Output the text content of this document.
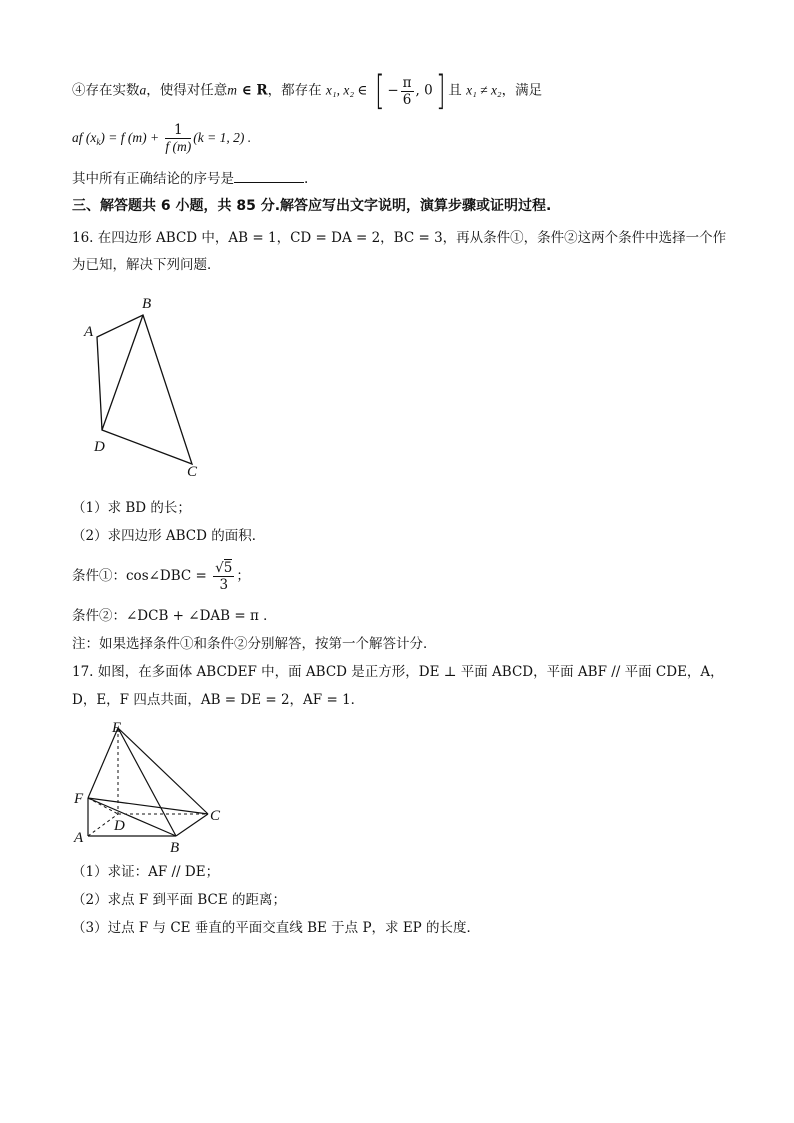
④存在实数a，使得对任意m ∈ R，都存在 x₁, x₂ ∈ [ − $\frac{\pi}{6}$ , 0] 且 x₁ ≠ x₂，满足
af $(x_k) = f$ $(m) + \frac{1}{f (m)} (k = 1$, 2) .
其中所有正确结论的序号是	.
三、解答题共 6 小题，共 85 分.解答应写出文字说明，演算步骤或证明过程.
16. 在四边形 ABCD 中，AB = 1，CD = DA = 2，BC = 3，再从条件①，条件②这两个条件中选择一个作
为已知，解决下列问题．
A
B
C
D
（1）求 BD 的长；
（2）求四边形 ABCD 的面积．
条件①：cos∠DBC = $\frac{√5}{3}$ ；
条件②：∠DCB + ∠DAB = π ．
注：如果选择条件①和条件②分别解答，按第一个解答计分．
17. 如图，在多面体 ABCDEF 中，面 ABCD 是正方形，DE ⊥ 平面 ABCD，平面 ABF // 平面 CDE，A，
D，E，F 四点共面，AB = DE = 2，AF = 1．
E
F
D
A
B
C
（1）求证：AF // DE；
（2）求点 F 到平面 BCE 的距离；
（3）过点 F 与 CE 垂直的平面交直线 BE 于点 P，求 EP 的长度．
